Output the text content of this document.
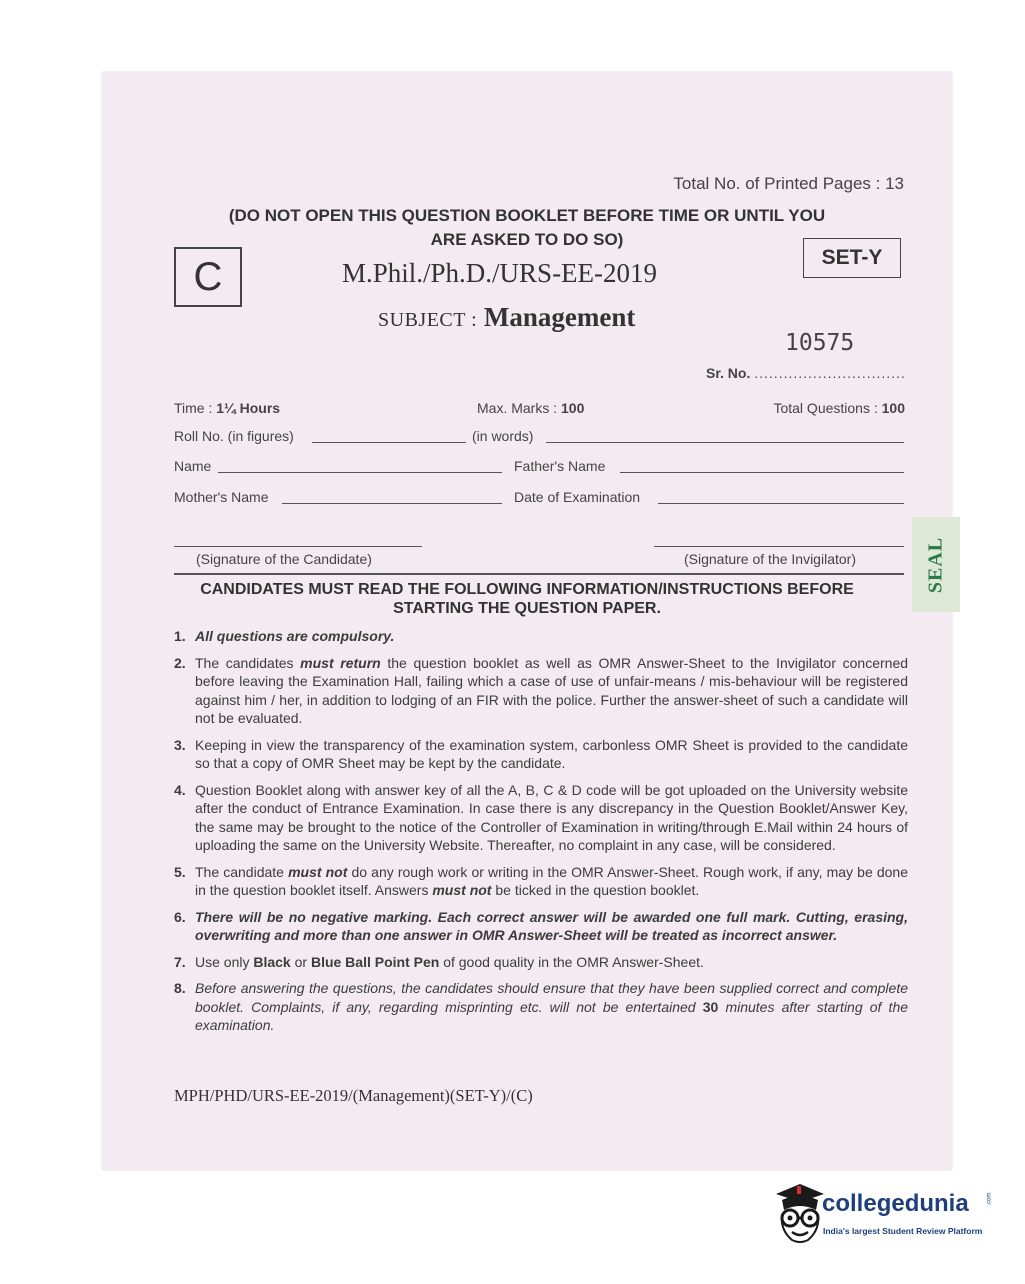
Total No. of Printed Pages : 13
(DO NOT OPEN THIS QUESTION BOOKLET BEFORE TIME OR UNTIL YOU
ARE ASKED TO DO SO)
C	SET-Y
M.Phil./Ph.D./URS-EE-2019
SUBJECT : Management
10575
Sr. No. ...............................
Time : 1¼ Hours	Max. Marks : 100	Total Questions : 100
Roll No. (in figures)	(in words)
Name	Father's Name
Mother's Name	Date of Examination
(Signature of the Candidate)	(Signature of the Invigilator)
CANDIDATES MUST READ THE FOLLOWING INFORMATION/INSTRUCTIONS BEFORE
STARTING THE QUESTION PAPER.
1. All questions are compulsory.
2. The candidates must return the question booklet as well as OMR Answer-Sheet to the Invigilator concerned before leaving the Examination Hall, failing which a case of use of unfair-means / mis-behaviour will be registered against him / her, in addition to lodging of an FIR with the police. Further the answer-sheet of such a candidate will not be evaluated.
3. Keeping in view the transparency of the examination system, carbonless OMR Sheet is provided to the candidate so that a copy of OMR Sheet may be kept by the candidate.
4. Question Booklet along with answer key of all the A, B, C & D code will be got uploaded on the University website after the conduct of Entrance Examination. In case there is any discrepancy in the Question Booklet/Answer Key, the same may be brought to the notice of the Controller of Examination in writing/through E.Mail within 24 hours of uploading the same on the University Website. Thereafter, no complaint in any case, will be considered.
5. The candidate must not do any rough work or writing in the OMR Answer-Sheet. Rough work, if any, may be done in the question booklet itself. Answers must not be ticked in the question booklet.
6. There will be no negative marking. Each correct answer will be awarded one full mark. Cutting, erasing, overwriting and more than one answer in OMR Answer-Sheet will be treated as incorrect answer.
7. Use only Black or Blue Ball Point Pen of good quality in the OMR Answer-Sheet.
8. Before answering the questions, the candidates should ensure that they have been supplied correct and complete booklet. Complaints, if any, regarding misprinting etc. will not be entertained 30 minutes after starting of the examination.
MPH/PHD/URS-EE-2019/(Management)(SET-Y)/(C)
SEAL
collegedunia	.com
India's largest Student Review Platform
